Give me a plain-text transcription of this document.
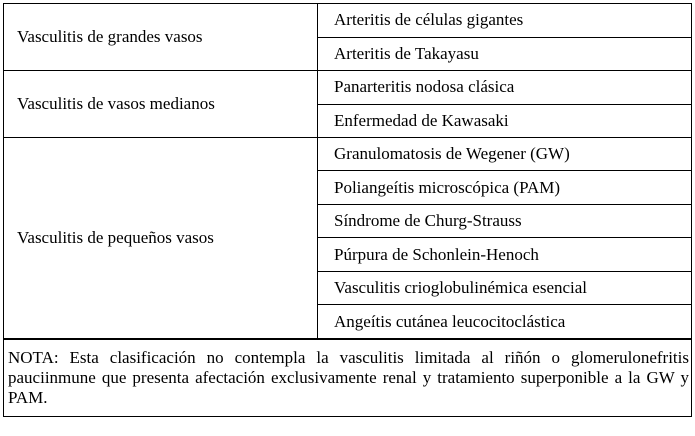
Vasculitis de grandes vasos	Arteritis de células gigantes
	Arteritis de Takayasu
Vasculitis de vasos medianos	Panarteritis nodosa clásica
	Enfermedad de Kawasaki
Vasculitis de pequeños vasos	Granulomatosis de Wegener (GW)
	Poliangeítis microscópica (PAM)
	Síndrome de Churg-Strauss
	Púrpura de Schonlein-Henoch
	Vasculitis crioglobulinémica esencial
	Angeítis cutánea leucocitoclástica
NOTA: Esta clasificación no contempla la vasculitis limitada al riñón o glomerulonefritis pauciinmune que presenta afectación exclusivamente renal y tratamiento superponible a la GW y PAM.	
